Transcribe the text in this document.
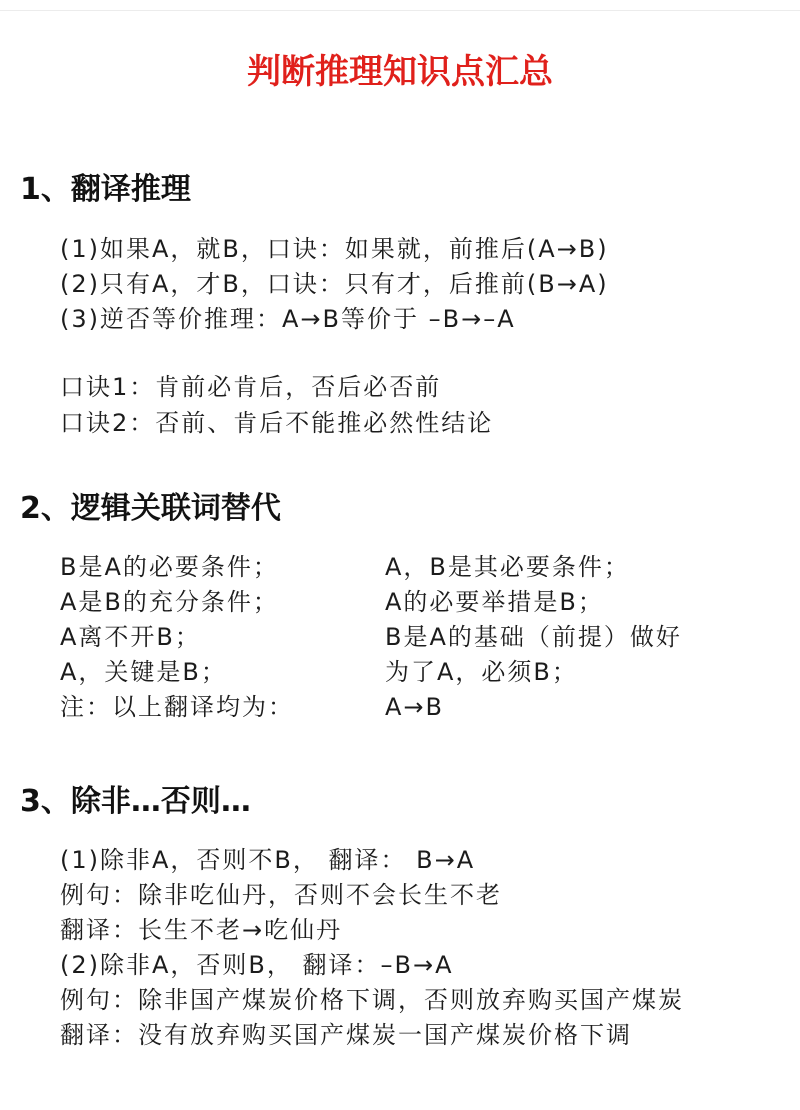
判断推理知识点汇总
1、翻译推理
(1)如果A，就B，口诀：如果就，前推后(A→B)
(2)只有A，才B，口诀：只有才，后推前(B→A)
(3)逆否等价推理：A→B等价于 –B→–A
口诀1：肯前必肯后，否后必否前
口诀2：否前、肯后不能推必然性结论
2、逻辑关联词替代
B是A的必要条件；
A是B的充分条件；
A离不开B；
A，关键是B；
注：以上翻译均为：
A，B是其必要条件；
A的必要举措是B；
B是A的基础（前提）做好
为了A，必须B；
A→B
3、除非…否则…
(1)除非A，否则不B， 翻译： B→A
例句：除非吃仙丹，否则不会长生不老
翻译：长生不老→吃仙丹
(2)除非A，否则B， 翻译：–B→A
例句：除非国产煤炭价格下调，否则放弃购买国产煤炭
翻译：没有放弃购买国产煤炭一国产煤炭价格下调
